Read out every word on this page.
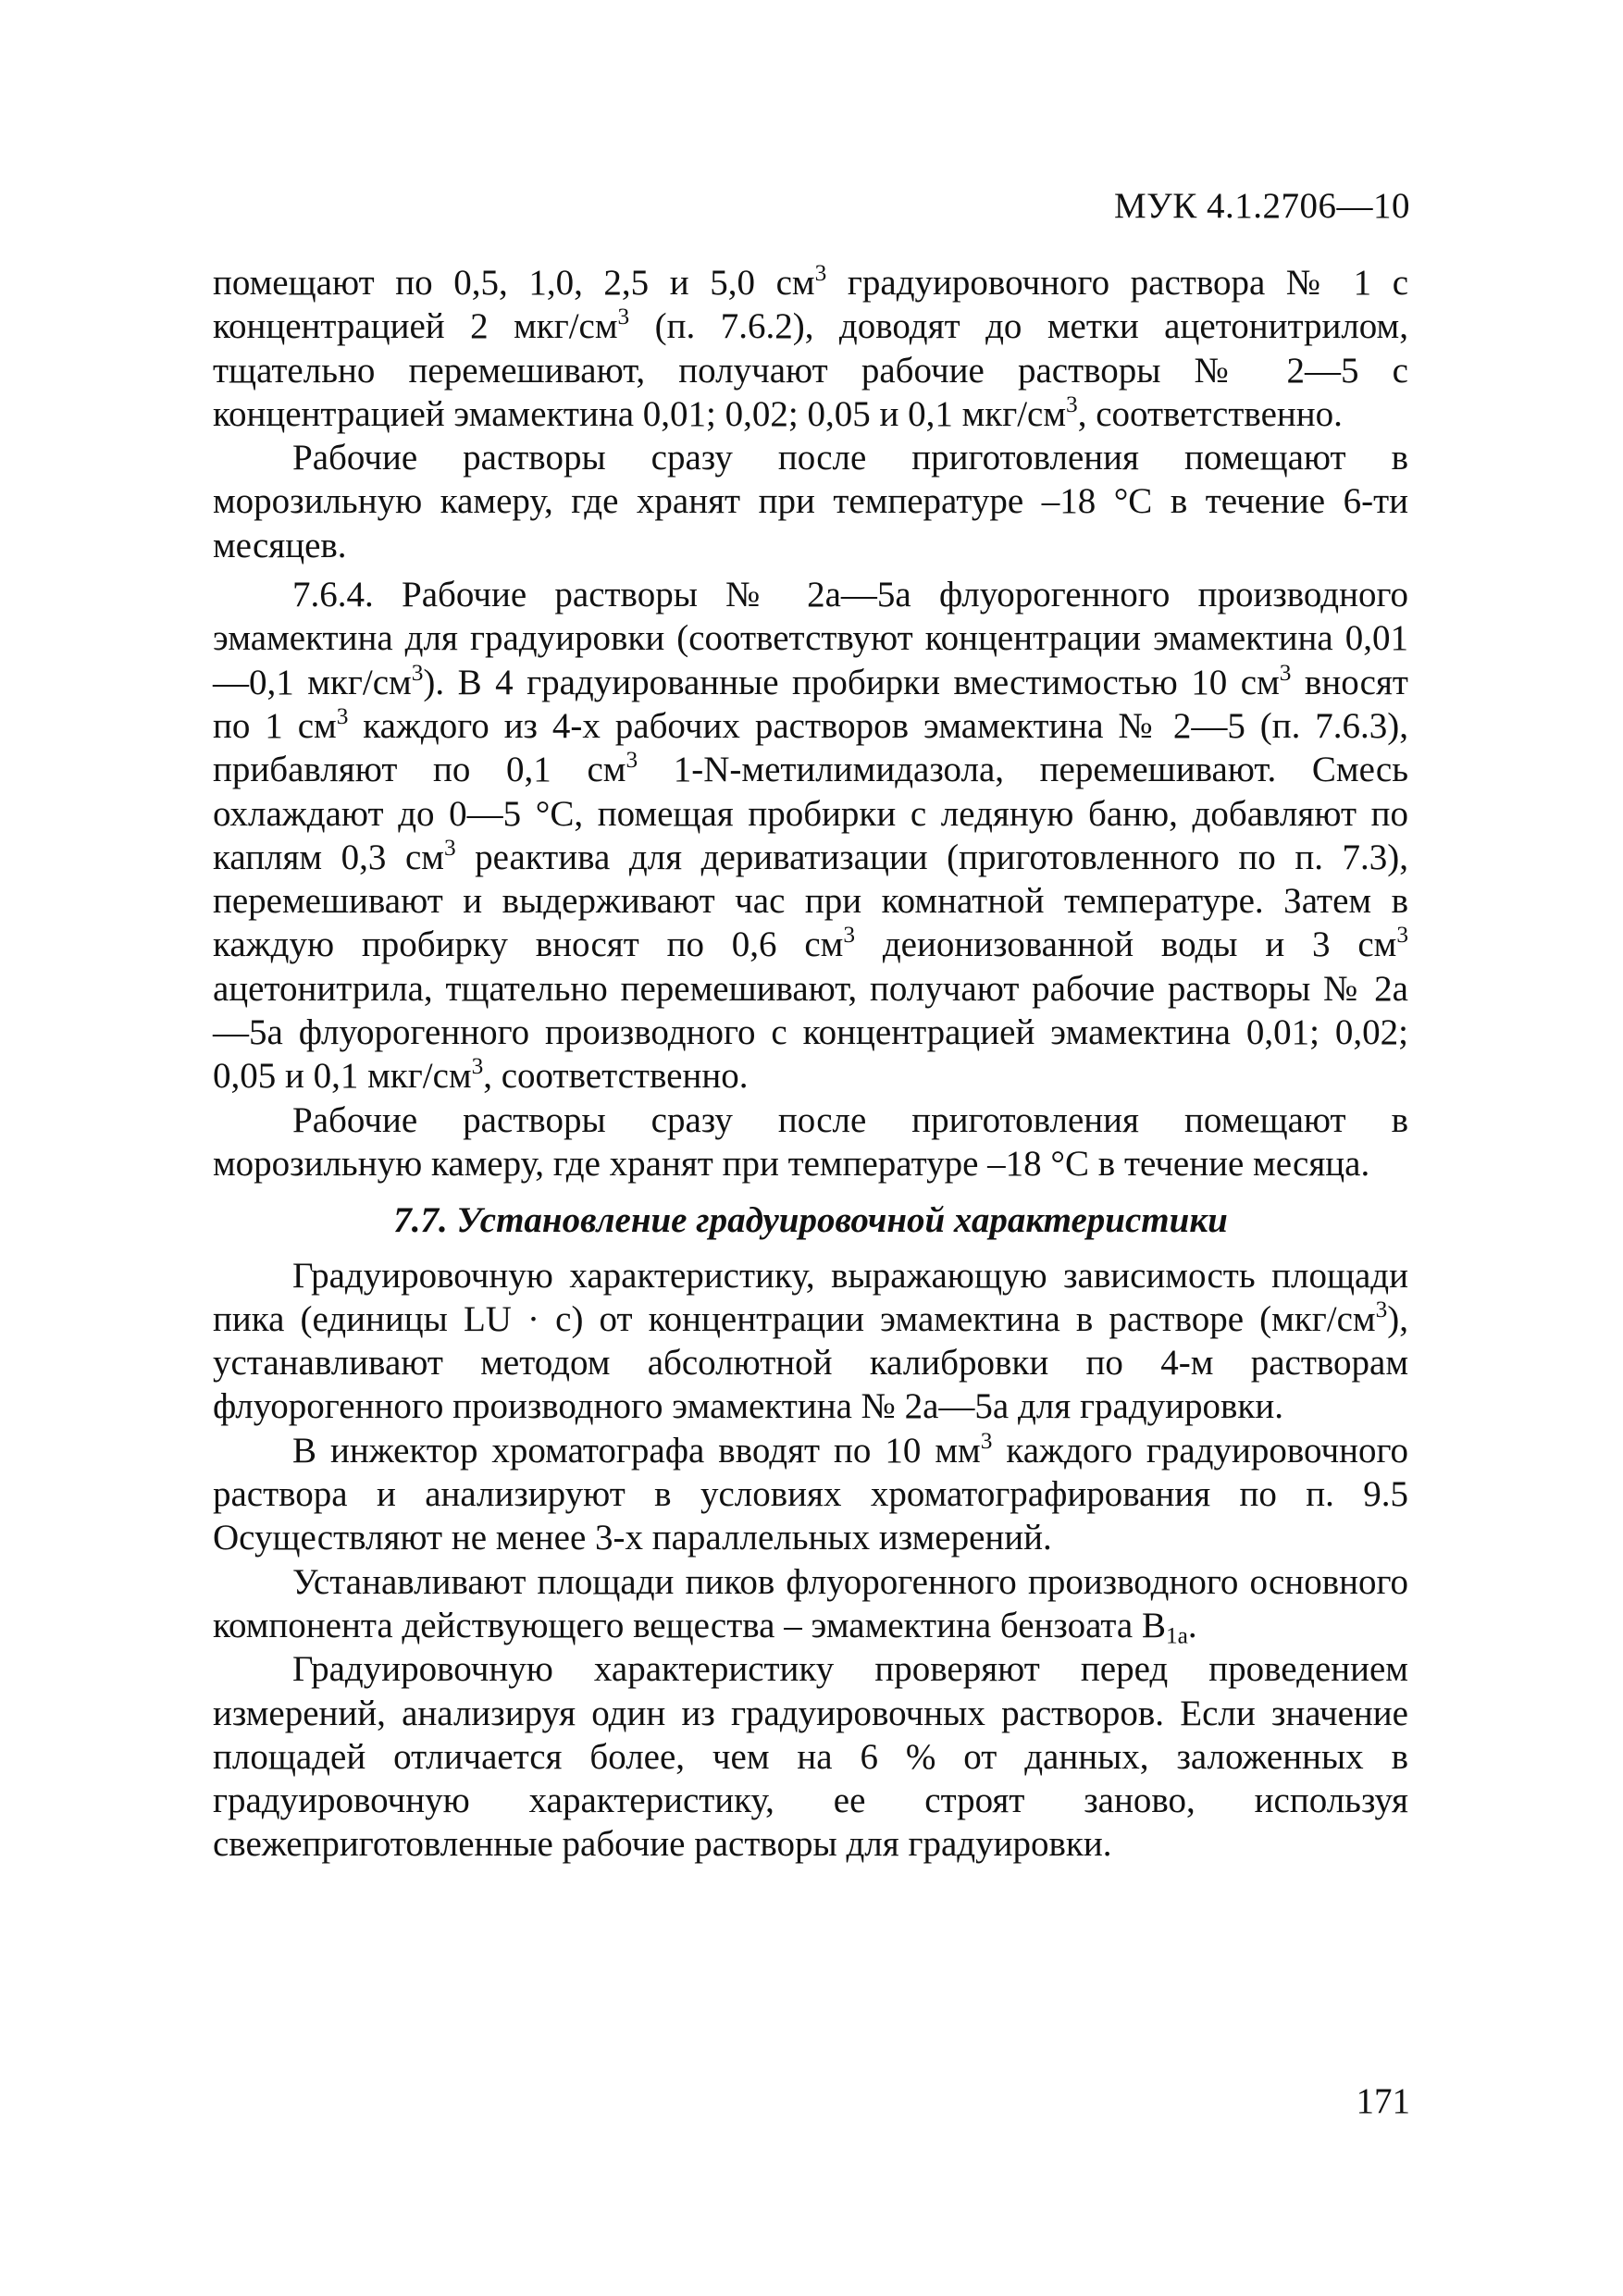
МУК 4.1.2706—10

помещают по 0,5, 1,0, 2,5 и 5,0 $см^3$ градуировочного раствора № 1 с концентрацией 2 мкг/$см^3$ (п. 7.6.2), доводят до метки ацетонитрилом, тщательно перемешивают, получают рабочие растворы № 2—5 с концентрацией эмамектина 0,01; 0,02; 0,05 и 0,1 мкг/$см^3$, соответственно.

Рабочие растворы сразу после приготовления помещают в морозильную камеру, где хранят при температуре –18 °С в течение 6-ти месяцев.

7.6.4. Рабочие растворы № 2а—5а флуорогенного производного эмамектина для градуировки (соответствуют концентрации эмамектина 0,01—0,1 мкг/$см^3$). В 4 градуированные пробирки вместимостью 10 $см^3$ вносят по 1 $см^3$ каждого из 4-х рабочих растворов эмамектина № 2—5 (п. 7.6.3), прибавляют по 0,1 $см^3$ 1-N-метилимидазола, перемешивают. Смесь охлаждают до 0—5 °С, помещая пробирки с ледяную баню, добавляют по каплям 0,3 $см^3$ реактива для дериватизации (приготовленного по п. 7.3), перемешивают и выдерживают час при комнатной температуре. Затем в каждую пробирку вносят по 0,6 $см^3$ деионизованной воды и 3 $см^3$ ацетонитрила, тщательно перемешивают, получают рабочие растворы № 2а—5а флуорогенного производного с концентрацией эмамектина 0,01; 0,02; 0,05 и 0,1 мкг/$см^3$, соответственно.

Рабочие растворы сразу после приготовления помещают в морозильную камеру, где хранят при температуре –18 °С в течение месяца.

7.7. Установление градуировочной характеристики

Градуировочную характеристику, выражающую зависимость площади пика (единицы LU · с) от концентрации эмамектина в растворе $(мкг/см^3)$, устанавливают методом абсолютной калибровки по 4-м растворам флуорогенного производного эмамектина № 2а—5а для градуировки.

В инжектор хроматографа вводят по 10 $мм^3$ каждого градуировочного раствора и анализируют в условиях хроматографирования по п. 9.5 Осуществляют не менее 3-х параллельных измерений.

Устанавливают площади пиков флуорогенного производного основного компонента действующего вещества – эмамектина бензоата $В_{1а}$.

Градуировочную характеристику проверяют перед проведением измерений, анализируя один из градуировочных растворов. Если значение площадей отличается более, чем на 6 % от данных, заложенных в градуировочную характеристику, ее строят заново, используя свежеприготовленные рабочие растворы для градуировки.

171
